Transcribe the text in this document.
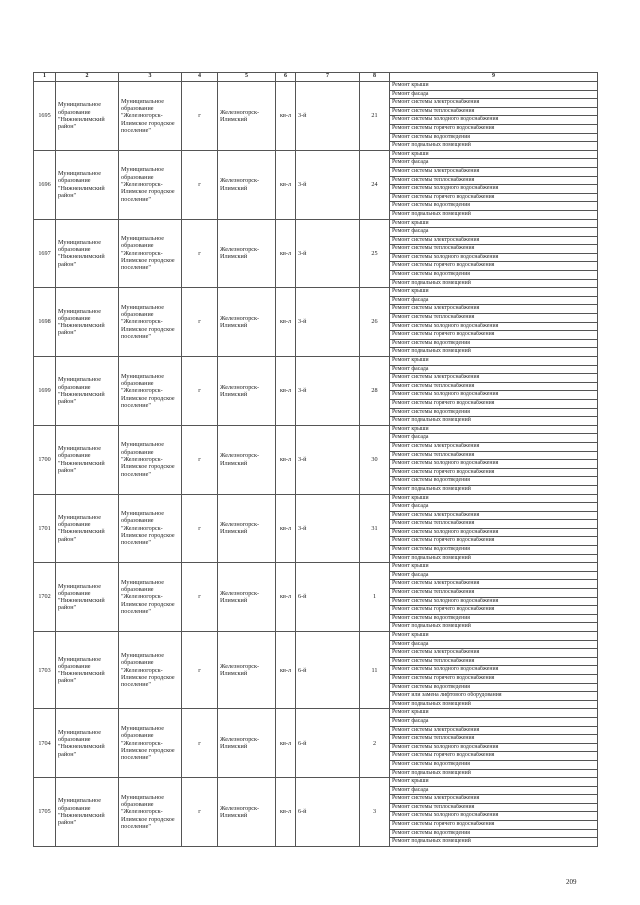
1	2	3	4	5	6	7	8	9
1695	Муниципальное образование "Нижнеилимский район"	Муниципальное образование "Железногорск-Илимское городское поселение"	г	Железногорск-Илимский	кв-л	3-й	21	Ремонт крыши
								Ремонт фасада
								Ремонт системы электроснабжения
								Ремонт системы теплоснабжения
								Ремонт системы холодного водоснабжения
								Ремонт системы горячего водоснабжения
								Ремонт системы водоотведения
								Ремонт подвальных помещений
1696	Муниципальное образование "Нижнеилимский район"	Муниципальное образование "Железногорск-Илимское городское поселение"	г	Железногорск-Илимский	кв-л	3-й	24	Ремонт крыши
								Ремонт фасада
								Ремонт системы электроснабжения
								Ремонт системы теплоснабжения
								Ремонт системы холодного водоснабжения
								Ремонт системы горячего водоснабжения
								Ремонт системы водоотведения
								Ремонт подвальных помещений
1697	Муниципальное образование "Нижнеилимский район"	Муниципальное образование "Железногорск-Илимское городское поселение"	г	Железногорск-Илимский	кв-л	3-й	25	Ремонт крыши
								Ремонт фасада
								Ремонт системы электроснабжения
								Ремонт системы теплоснабжения
								Ремонт системы холодного водоснабжения
								Ремонт системы горячего водоснабжения
								Ремонт системы водоотведения
								Ремонт подвальных помещений
1698	Муниципальное образование "Нижнеилимский район"	Муниципальное образование "Железногорск-Илимское городское поселение"	г	Железногорск-Илимский	кв-л	3-й	26	Ремонт крыши
								Ремонт фасада
								Ремонт системы электроснабжения
								Ремонт системы теплоснабжения
								Ремонт системы холодного водоснабжения
								Ремонт системы горячего водоснабжения
								Ремонт системы водоотведения
								Ремонт подвальных помещений
1699	Муниципальное образование "Нижнеилимский район"	Муниципальное образование "Железногорск-Илимское городское поселение"	г	Железногорск-Илимский	кв-л	3-й	28	Ремонт крыши
								Ремонт фасада
								Ремонт системы электроснабжения
								Ремонт системы теплоснабжения
								Ремонт системы холодного водоснабжения
								Ремонт системы горячего водоснабжения
								Ремонт системы водоотведения
								Ремонт подвальных помещений
1700	Муниципальное образование "Нижнеилимский район"	Муниципальное образование "Железногорск-Илимское городское поселение"	г	Железногорск-Илимский	кв-л	3-й	30	Ремонт крыши
								Ремонт фасада
								Ремонт системы электроснабжения
								Ремонт системы теплоснабжения
								Ремонт системы холодного водоснабжения
								Ремонт системы горячего водоснабжения
								Ремонт системы водоотведения
								Ремонт подвальных помещений
1701	Муниципальное образование "Нижнеилимский район"	Муниципальное образование "Железногорск-Илимское городское поселение"	г	Железногорск-Илимский	кв-л	3-й	31	Ремонт крыши
								Ремонт фасада
								Ремонт системы электроснабжения
								Ремонт системы теплоснабжения
								Ремонт системы холодного водоснабжения
								Ремонт системы горячего водоснабжения
								Ремонт системы водоотведения
								Ремонт подвальных помещений
1702	Муниципальное образование "Нижнеилимский район"	Муниципальное образование "Железногорск-Илимское городское поселение"	г	Железногорск-Илимский	кв-л	6-й	1	Ремонт крыши
								Ремонт фасада
								Ремонт системы электроснабжения
								Ремонт системы теплоснабжения
								Ремонт системы холодного водоснабжения
								Ремонт системы горячего водоснабжения
								Ремонт системы водоотведения
								Ремонт подвальных помещений
1703	Муниципальное образование "Нижнеилимский район"	Муниципальное образование "Железногорск-Илимское городское поселение"	г	Железногорск-Илимский	кв-л	6-й	11	Ремонт крыши
								Ремонт фасада
								Ремонт системы электроснабжения
								Ремонт системы теплоснабжения
								Ремонт системы холодного водоснабжения
								Ремонт системы горячего водоснабжения
								Ремонт системы водоотведения
								Ремонт или замена лифтового оборудования
								Ремонт подвальных помещений
1704	Муниципальное образование "Нижнеилимский район"	Муниципальное образование "Железногорск-Илимское городское поселение"	г	Железногорск-Илимский	кв-л	6-й	2	Ремонт крыши
								Ремонт фасада
								Ремонт системы электроснабжения
								Ремонт системы теплоснабжения
								Ремонт системы холодного водоснабжения
								Ремонт системы горячего водоснабжения
								Ремонт системы водоотведения
								Ремонт подвальных помещений
1705	Муниципальное образование "Нижнеилимский район"	Муниципальное образование "Железногорск-Илимское городское поселение"	г	Железногорск-Илимский	кв-л	6-й	3	Ремонт крыши
								Ремонт фасада
								Ремонт системы электроснабжения
								Ремонт системы теплоснабжения
								Ремонт системы холодного водоснабжения
								Ремонт системы горячего водоснабжения
								Ремонт системы водоотведения
								Ремонт подвальных помещений
209
